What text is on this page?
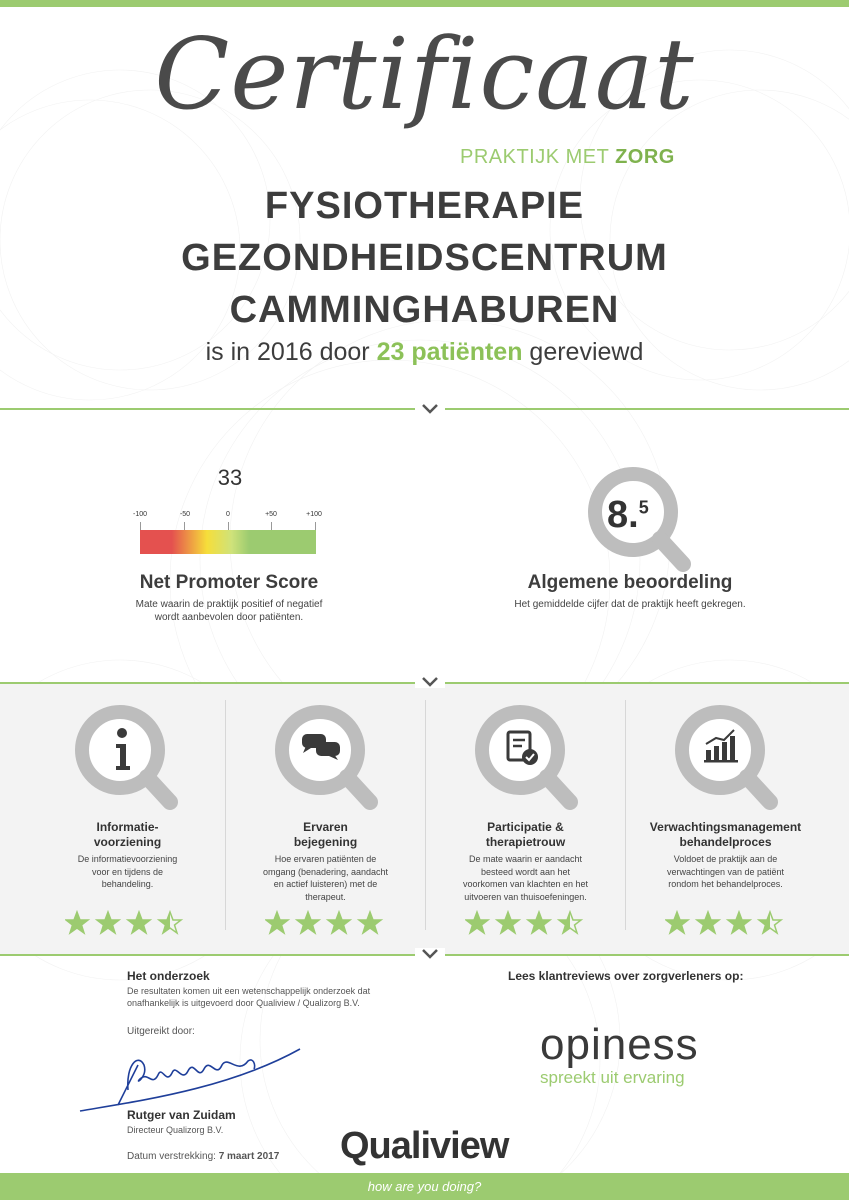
Certificaat
PRAKTIJK MET ZORG
FYSIOTHERAPIE
GEZONDHEIDSCENTRUM
CAMMINGHABUREN
is in 2016 door 23 patiënten gereviewd
33
-100	-50	0	+50	+100
Net Promoter Score
Mate waarin de praktijk positief of negatief
wordt aanbevolen door patiënten.
8.$^5$
Algemene beoordeling
Het gemiddelde cijfer dat de praktijk heeft gekregen.
Informatie-
voorziening
De informatievoorziening
voor en tijdens de
behandeling.
Ervaren
bejegening
Hoe ervaren patiënten de
omgang (benadering, aandacht
en actief luisteren) met de
therapeut.
Participatie &
therapietrouw
De mate waarin er aandacht
besteed wordt aan het
voorkomen van klachten en het
uitvoeren van thuisoefeningen.
Verwachtingsmanagement
behandelproces
Voldoet de praktijk aan de
verwachtingen van de patiënt
rondom het behandelproces.
Het onderzoek
De resultaten komen uit een wetenschappelijk onderzoek dat
onafhankelijk is uitgevoerd door Qualiview / Qualizorg B.V.
Uitgereikt door:
Rutger van Zuidam
Directeur Qualizorg B.V.
Datum verstrekking: 7 maart 2017
Lees klantreviews over zorgverleners op:
opiness
spreekt uit ervaring
Qualiview
how are you doing?
